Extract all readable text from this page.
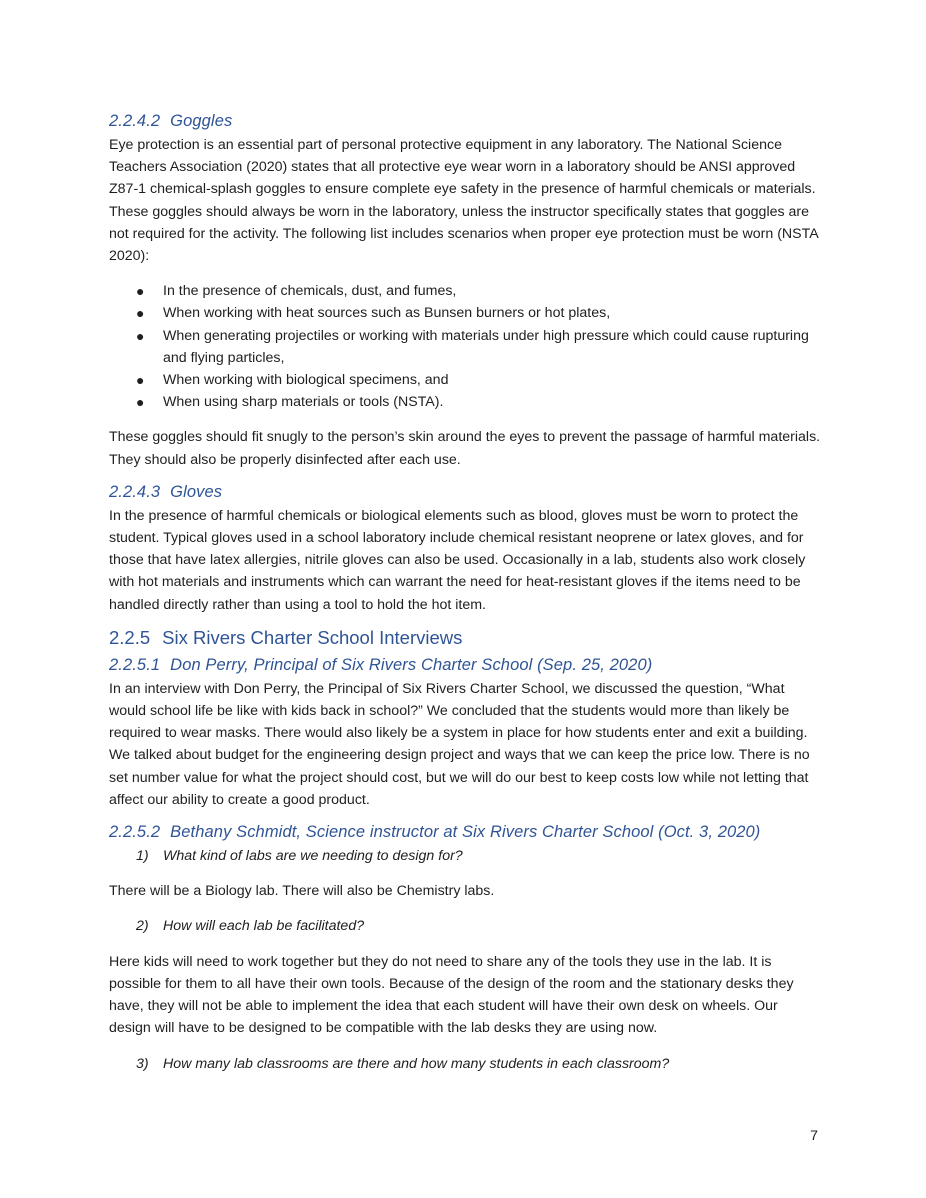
2.2.4.2 Goggles

Eye protection is an essential part of personal protective equipment in any laboratory. The National Science Teachers Association (2020) states that all protective eye wear worn in a laboratory should be ANSI approved Z87-1 chemical-splash goggles to ensure complete eye safety in the presence of harmful chemicals or materials. These goggles should always be worn in the laboratory, unless the instructor specifically states that goggles are not required for the activity. The following list includes scenarios when proper eye protection must be worn (NSTA 2020):

● In the presence of chemicals, dust, and fumes,
● When working with heat sources such as Bunsen burners or hot plates,
● When generating projectiles or working with materials under high pressure which could cause rupturing and flying particles,
● When working with biological specimens, and
● When using sharp materials or tools (NSTA).

These goggles should fit snugly to the person’s skin around the eyes to prevent the passage of harmful materials. They should also be properly disinfected after each use.

2.2.4.3 Gloves

In the presence of harmful chemicals or biological elements such as blood, gloves must be worn to protect the student. Typical gloves used in a school laboratory include chemical resistant neoprene or latex gloves, and for those that have latex allergies, nitrile gloves can also be used. Occasionally in a lab, students also work closely with hot materials and instruments which can warrant the need for heat-resistant gloves if the items need to be handled directly rather than using a tool to hold the hot item.

2.2.5 Six Rivers Charter School Interviews
2.2.5.1 Don Perry, Principal of Six Rivers Charter School (Sep. 25, 2020)

In an interview with Don Perry, the Principal of Six Rivers Charter School, we discussed the question, “What would school life be like with kids back in school?” We concluded that the students would more than likely be required to wear masks. There would also likely be a system in place for how students enter and exit a building. We talked about budget for the engineering design project and ways that we can keep the price low. There is no set number value for what the project should cost, but we will do our best to keep costs low while not letting that affect our ability to create a good product.

2.2.5.2 Bethany Schmidt, Science instructor at Six Rivers Charter School (Oct. 3, 2020)
1) What kind of labs are we needing to design for?

There will be a Biology lab. There will also be Chemistry labs.

2) How will each lab be facilitated?

Here kids will need to work together but they do not need to share any of the tools they use in the lab. It is possible for them to all have their own tools. Because of the design of the room and the stationary desks they have, they will not be able to implement the idea that each student will have their own desk on wheels. Our design will have to be designed to be compatible with the lab desks they are using now.

3) How many lab classrooms are there and how many students in each classroom?
7
